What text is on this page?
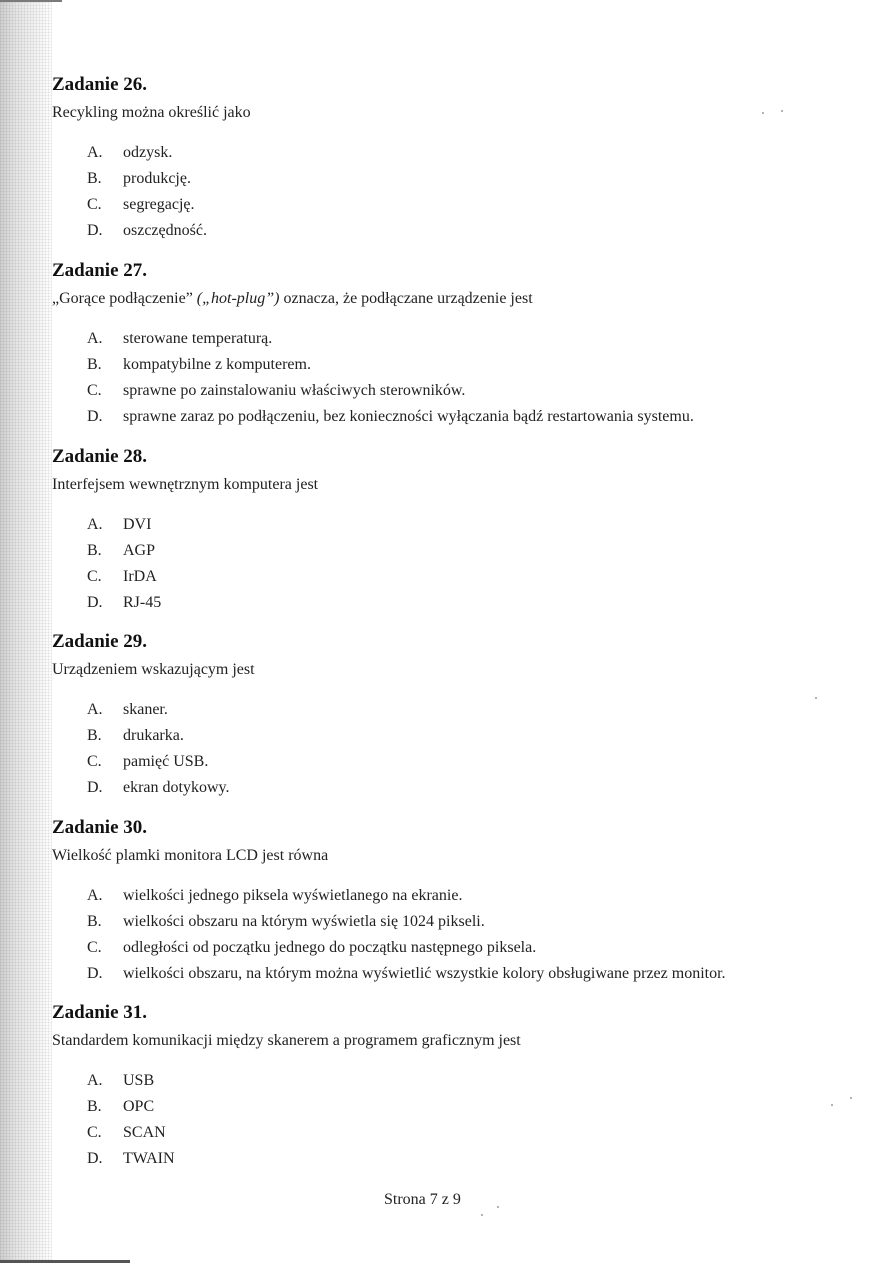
Zadanie 26.

Recykling można określić jako

A. odzysk.
B. produkcję.
C. segregację.
D. oszczędność.
Zadanie 27.

„Gorące podłączenie” („hot-plug”) oznacza, że podłączane urządzenie jest

A. sterowane temperaturą.
B. kompatybilne z komputerem.
C. sprawne po zainstalowaniu właściwych sterowników.
D. sprawne zaraz po podłączeniu, bez konieczności wyłączania bądź restartowania systemu.
Zadanie 28.

Interfejsem wewnętrznym komputera jest

A. DVI
B. AGP
C. IrDA
D. RJ-45
Zadanie 29.

Urządzeniem wskazującym jest

A. skaner.
B. drukarka.
C. pamięć USB.
D. ekran dotykowy.
Zadanie 30.

Wielkość plamki monitora LCD jest równa

A. wielkości jednego piksela wyświetlanego na ekranie.
B. wielkości obszaru na którym wyświetla się 1024 pikseli.
C. odległości od początku jednego do początku następnego piksela.
D. wielkości obszaru, na którym można wyświetlić wszystkie kolory obsługiwane przez monitor.
Zadanie 31.

Standardem komunikacji między skanerem a programem graficznym jest

A. USB
B. OPC
C. SCAN
D. TWAIN
Strona 7 z 9
